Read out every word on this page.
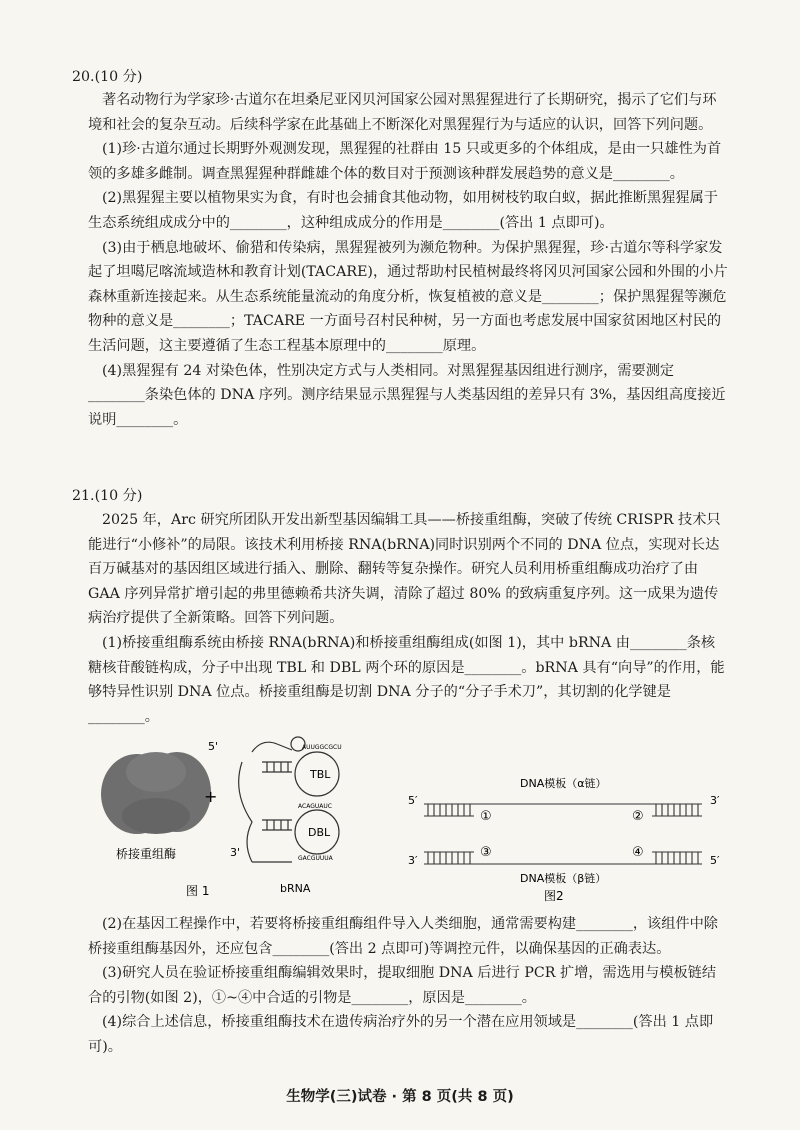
20.(10 分)

著名动物行为学家珍·古道尔在坦桑尼亚冈贝河国家公园对黑猩猩进行了长期研究，揭示了它们与环境和社会的复杂互动。后续科学家在此基础上不断深化对黑猩猩行为与适应的认识，回答下列问题。

(1)珍·古道尔通过长期野外观测发现，黑猩猩的社群由 15 只或更多的个体组成，是由一只雄性为首领的多雄多雌制。调查黑猩猩种群雌雄个体的数目对于预测该种群发展趋势的意义是________。

(2)黑猩猩主要以植物果实为食，有时也会捕食其他动物，如用树枝钓取白蚁，据此推断黑猩猩属于生态系统组成成分中的________，这种组成成分的作用是________(答出 1 点即可)。

(3)由于栖息地破坏、偷猎和传染病，黑猩猩被列为濒危物种。为保护黑猩猩，珍·古道尔等科学家发起了坦噶尼喀流域造林和教育计划(TACARE)，通过帮助村民植树最终将冈贝河国家公园和外围的小片森林重新连接起来。从生态系统能量流动的角度分析，恢复植被的意义是________；保护黑猩猩等濒危物种的意义是________；TACARE 一方面号召村民种树，另一方面也考虑发展中国家贫困地区村民的生活问题，这主要遵循了生态工程基本原理中的________原理。

(4)黑猩猩有 24 对染色体，性别决定方式与人类相同。对黑猩猩基因组进行测序，需要测定________条染色体的 DNA 序列。测序结果显示黑猩猩与人类基因组的差异只有 3%，基因组高度接近说明________。

21.(10 分)

2025 年，Arc 研究所团队开发出新型基因编辑工具——桥接重组酶，突破了传统 CRISPR 技术只能进行“小修补”的局限。该技术利用桥接 RNA(bRNA)同时识别两个不同的 DNA 位点，实现对长达百万碱基对的基因组区域进行插入、删除、翻转等复杂操作。研究人员利用桥重组酶成功治疗了由 GAA 序列异常扩增引起的弗里德赖希共济失调，清除了超过 80% 的致病重复序列。这一成果为遗传病治疗提供了全新策略。回答下列问题。

(1)桥接重组酶系统由桥接 RNA(bRNA)和桥接重组酶组成(如图 1)，其中 bRNA 由________条核糖核苷酸链构成，分子中出现 TBL 和 DBL 两个环的原因是________。bRNA 具有“向导”的作用，能够特异性识别 DNA 位点。桥接重组酶是切割 DNA 分子的“分子手术刀”，其切割的化学键是________。

桥接重组酶
+
图 1
TBL
DBL
AUUGGCGCU
ACAGUAUC
GACGUUUA
5'
3'
bRNA
DNA模板（α链）
DNA模板（β链）
5′	3′
3′	5′
①	②
③	④
图2

(2)在基因工程操作中，若要将桥接重组酶组件导入人类细胞，通常需要构建________，该组件中除桥接重组酶基因外，还应包含________(答出 2 点即可)等调控元件，以确保基因的正确表达。

(3)研究人员在验证桥接重组酶编辑效果时，提取细胞 DNA 后进行 PCR 扩增，需选用与模板链结合的引物(如图 2)，①~④中合适的引物是________，原因是________。

(4)综合上述信息，桥接重组酶技术在遗传病治疗外的另一个潜在应用领域是________(答出 1 点即可)。

生物学(三)试卷 · 第 8 页(共 8 页)
